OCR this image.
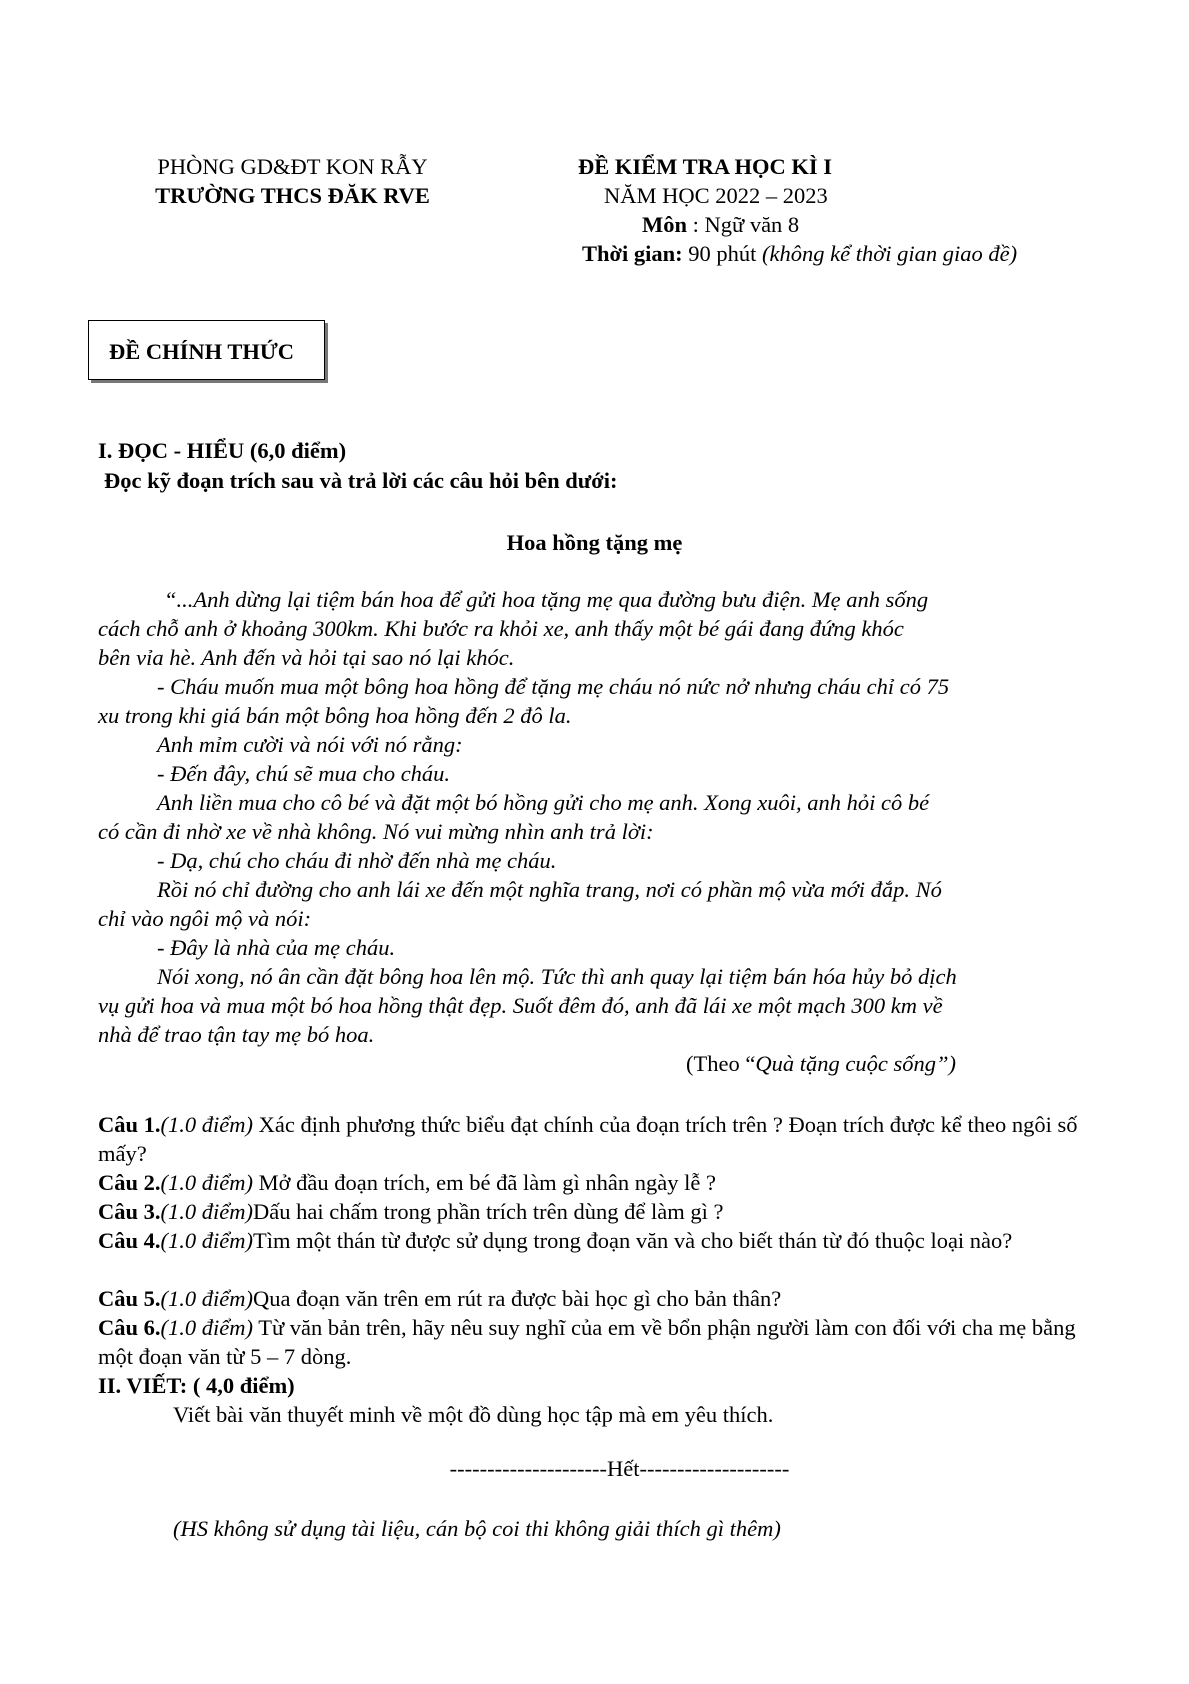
PHÒNG GD&ĐT KON RẪY
TRƯỜNG THCS ĐĂK RVE
ĐỀ KIỂM TRA HỌC KÌ I
NĂM HỌC 2022 – 2023
Môn : Ngữ văn 8
Thời gian: 90 phút (không kể thời gian giao đề)
ĐỀ CHÍNH THỨC
I. ĐỌC - HIỂU (6,0 điểm)
Đọc kỹ đoạn trích sau và trả lời các câu hỏi bên dưới:
Hoa hồng tặng mẹ
“...Anh dừng lại tiệm bán hoa để gửi hoa tặng mẹ qua đường bưu điện. Mẹ anh sống
cách chỗ anh ở khoảng 300km. Khi bước ra khỏi xe, anh thấy một bé gái đang đứng khóc
bên vỉa hè. Anh đến và hỏi tại sao nó lại khóc.
- Cháu muốn mua một bông hoa hồng để tặng mẹ cháu nó nức nở nhưng cháu chỉ có 75
xu trong khi giá bán một bông hoa hồng đến 2 đô la.
Anh mỉm cười và nói với nó rằng:
- Đến đây, chú sẽ mua cho cháu.
Anh liền mua cho cô bé và đặt một bó hồng gửi cho mẹ anh. Xong xuôi, anh hỏi cô bé
có cần đi nhờ xe về nhà không. Nó vui mừng nhìn anh trả lời:
- Dạ, chú cho cháu đi nhờ đến nhà mẹ cháu.
Rồi nó chỉ đường cho anh lái xe đến một nghĩa trang, nơi có phần mộ vừa mới đắp. Nó
chỉ vào ngôi mộ và nói:
- Đây là nhà của mẹ cháu.
Nói xong, nó ân cần đặt bông hoa lên mộ. Tức thì anh quay lại tiệm bán hóa hủy bỏ dịch
vụ gửi hoa và mua một bó hoa hồng thật đẹp. Suốt đêm đó, anh đã lái xe một mạch 300 km về
nhà để trao tận tay mẹ bó hoa.
(Theo “Quà tặng cuộc sống”)
Câu 1.(1.0 điểm) Xác định phương thức biểu đạt chính của đoạn trích trên ? Đoạn trích được kể theo ngôi số mấy?
Câu 2.(1.0 điểm) Mở đầu đoạn trích, em bé đã làm gì nhân ngày lễ ?
Câu 3.(1.0 điểm)Dấu hai chấm trong phần trích trên dùng để làm gì ?
Câu 4.(1.0 điểm)Tìm một thán từ được sử dụng trong đoạn văn và cho biết thán từ đó thuộc loại nào?
Câu 5.(1.0 điểm)Qua đoạn văn trên em rút ra được bài học gì cho bản thân?
Câu 6.(1.0 điểm) Từ văn bản trên, hãy nêu suy nghĩ của em về bổn phận người làm con đối với cha mẹ bằng một đoạn văn từ 5 – 7 dòng.
II. VIẾT: ( 4,0 điểm)
Viết bài văn thuyết minh về một đồ dùng học tập mà em yêu thích.
---------------------Hết--------------------
(HS không sử dụng tài liệu, cán bộ coi thi không giải thích gì thêm)
